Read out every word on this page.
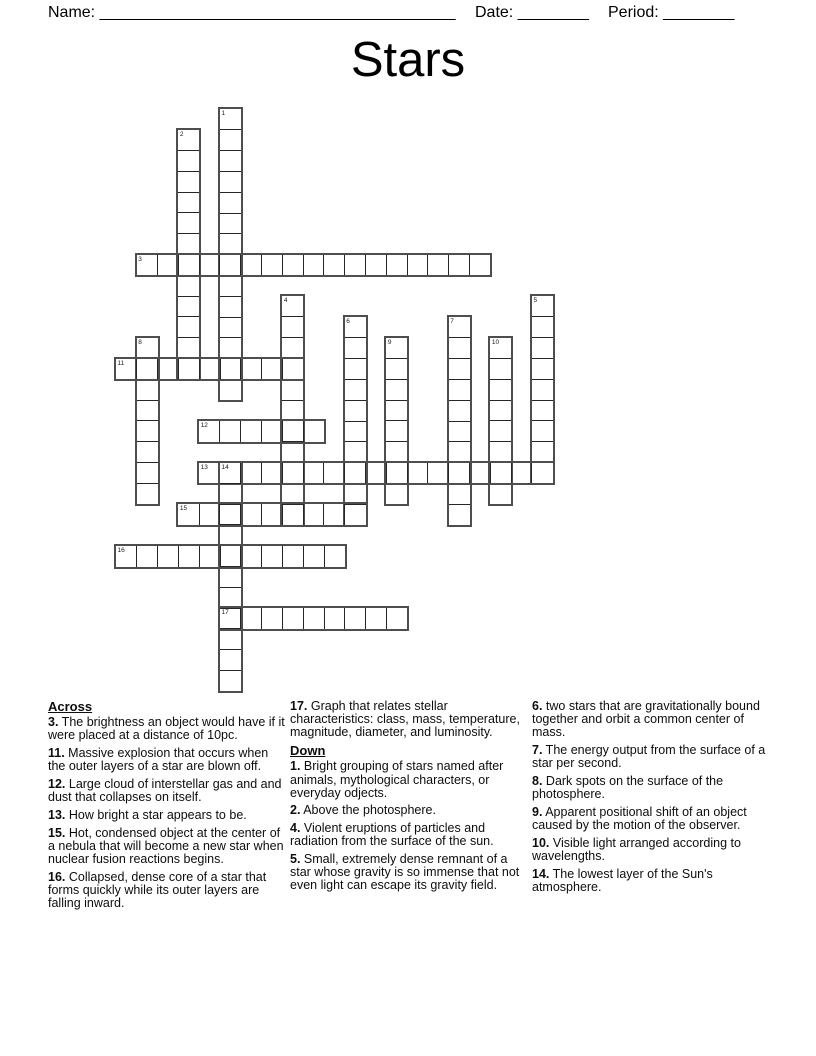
Name: ________________________________________ Date: ________ Period: ________
Stars
1
2
3
4	5
6	7
8	9	10
11
12
13 14
15
16
17

Across

3. The brightness an object would have if it were placed at a distance of 10pc.

11. Massive explosion that occurs when the outer layers of a star are blown off.

12. Large cloud of interstellar gas and and dust that collapses on itself.

13. How bright a star appears to be.

15. Hot, condensed object at the center of a nebula that will become a new star when nuclear fusion reactions begins.

16. Collapsed, dense core of a star that forms quickly while its outer layers are falling inward.

17. Graph that relates stellar characteristics: class, mass, temperature, magnitude, diameter, and luminosity.

Down

1. Bright grouping of stars named after animals, mythological characters, or everyday odjects.

2. Above the photosphere.

4. Violent eruptions of particles and radiation from the surface of the sun.

5. Small, extremely dense remnant of a star whose gravity is so immense that not even light can escape its gravity field.

6. two stars that are gravitationally bound together and orbit a common center of mass.

7. The energy output from the surface of a star per second.

8. Dark spots on the surface of the photosphere.

9. Apparent positional shift of an object caused by the motion of the observer.

10. Visible light arranged according to wavelengths.

14. The lowest layer of the Sun's atmosphere.
